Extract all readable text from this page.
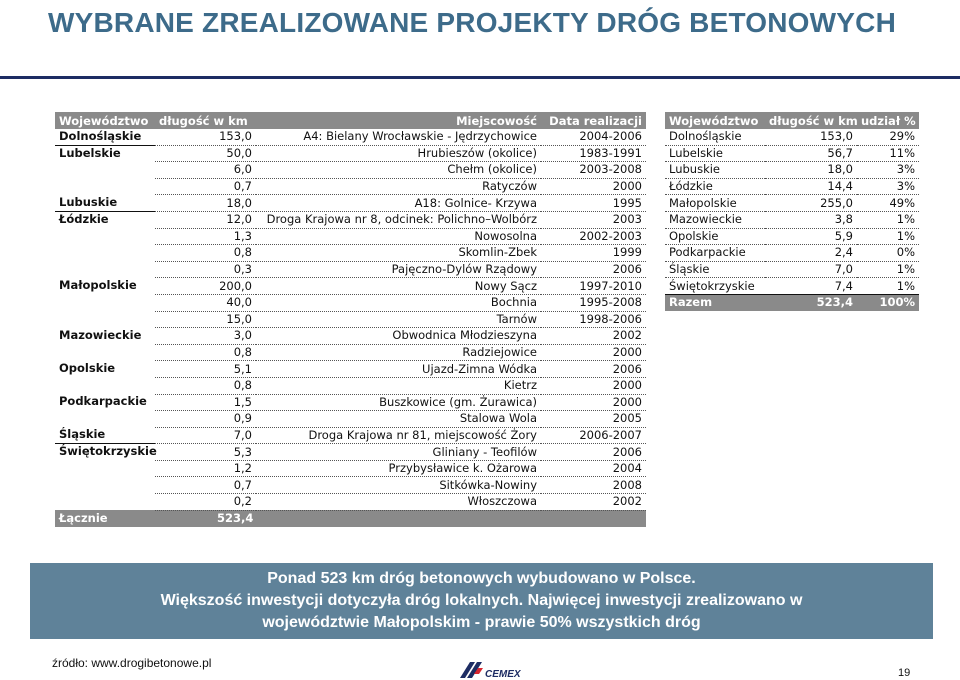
WYBRANE ZREALIZOWANE PROJEKTY DRÓG BETONOWYCH
Województwo	długość w km	Miejscowość	Data realizacji
Dolnośląskie	153,0	A4: Bielany Wrocławskie - Jędrzychowice	2004-2006
Lubelskie	50,0	Hrubieszów (okolice)	1983-1991
	6,0	Chełm (okolice)	2003-2008
	0,7	Ratyczów	2000
Lubuskie	18,0	A18: Golnice- Krzywa	1995
Łódzkie	12,0	Droga Krajowa nr 8, odcinek: Polichno–Wolbórz	2003
	1,3	Nowosolna	2002-2003
	0,8	Skomlin-Zbek	1999
	0,3	Pajęczno-Dylów Rządowy	2006
Małopolskie	200,0	Nowy Sącz	1997-2010
	40,0	Bochnia	1995-2008
	15,0	Tarnów	1998-2006
Mazowieckie	3,0	Obwodnica Młodzieszyna	2002
	0,8	Radziejowice	2000
Opolskie	5,1	Ujazd-Zimna Wódka	2006
	0,8	Kietrz	2000
Podkarpackie	1,5	Buszkowice (gm. Żurawica)	2000
	0,9	Stalowa Wola	2005
Śląskie	7,0	Droga Krajowa nr 81, miejscowość Żory	2006-2007
Świętokrzyskie	5,3	Gliniany - Teofilów	2006
	1,2	Przybysławice k. Ożarowa	2004
	0,7	Sitkówka-Nowiny	2008
	0,2	Włoszczowa	2002
Łącznie	523,4		
Województwo	długość w km	udział %
Dolnośląskie	153,0	29%
Lubelskie	56,7	11%
Lubuskie	18,0	3%
Łódzkie	14,4	3%
Małopolskie	255,0	49%
Mazowieckie	3,8	1%
Opolskie	5,9	1%
Podkarpackie	2,4	0%
Śląskie	7,0	1%
Świętokrzyskie	7,4	1%
Razem	523,4	100%
Ponad 523 km dróg betonowych wybudowano w Polsce.
Większość inwestycji dotyczyła dróg lokalnych. Najwięcej inwestycji zrealizowano w
województwie Małopolskim - prawie 50% wszystkich dróg
źródło: www.drogibetonowe.pl
CEMEX	19
